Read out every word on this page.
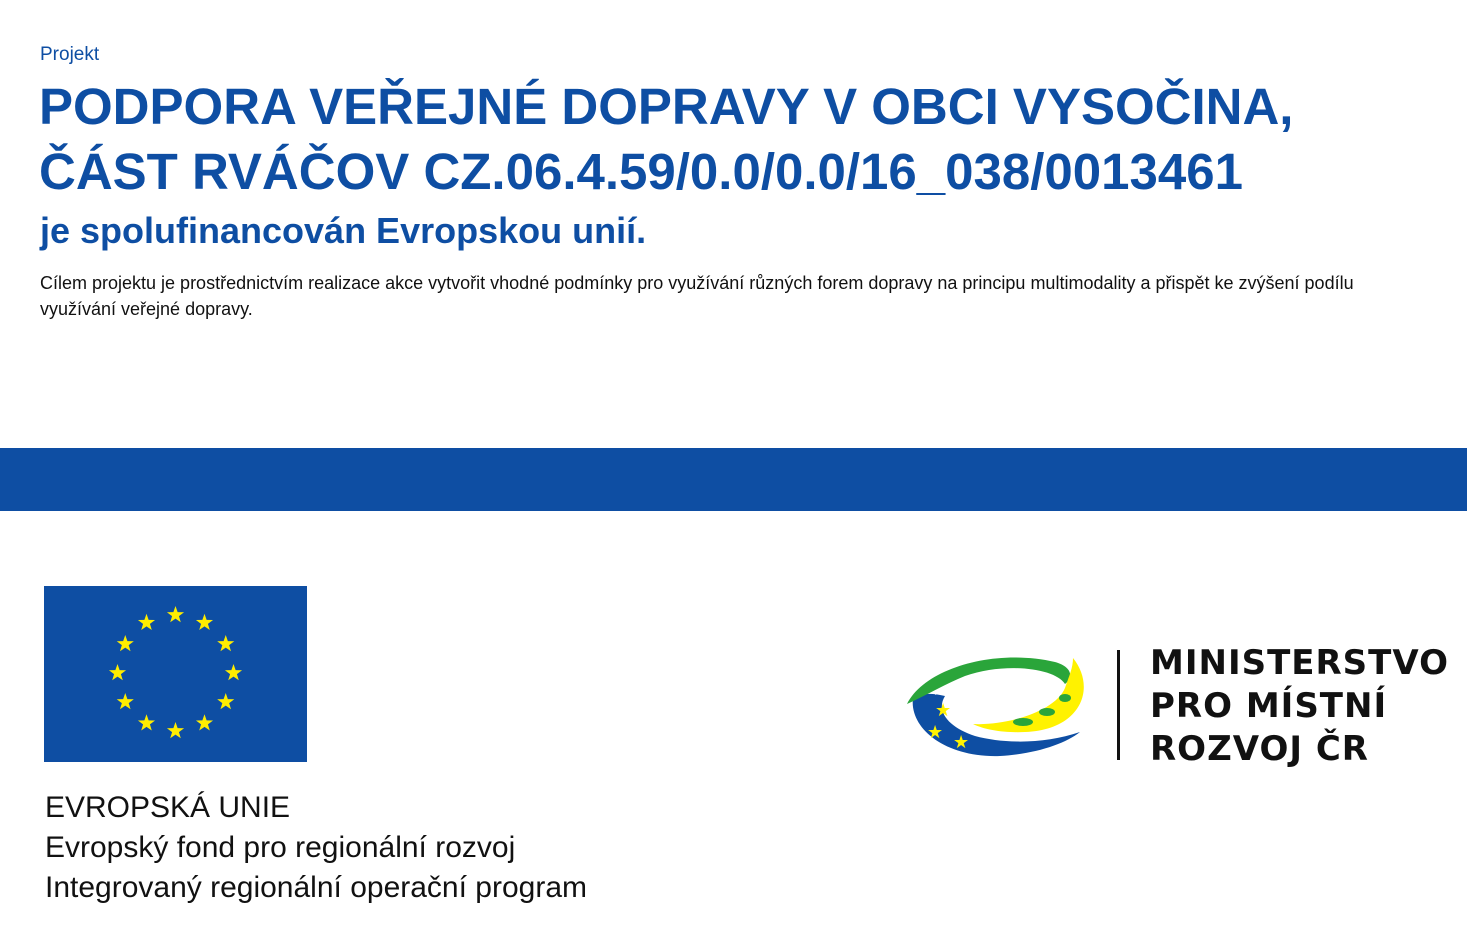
Projekt
PODPORA VEŘEJNÉ DOPRAVY V OBCI VYSOČINA,
ČÁST RVÁČOV CZ.06.4.59/0.0/0.0/16_038/0013461
je spolufinancován Evropskou unií.

Cílem projektu je prostřednictvím realizace akce vytvořit vhodné podmínky pro využívání různých forem dopravy na principu multimodality a přispět ke zvýšení podílu využívání veřejné dopravy.

EVROPSKÁ UNIE
Evropský fond pro regionální rozvoj
Integrovaný regionální operační program
★
★ ★
MINISTERSTVO
PRO MÍSTNÍ
ROZVOJ ČR
